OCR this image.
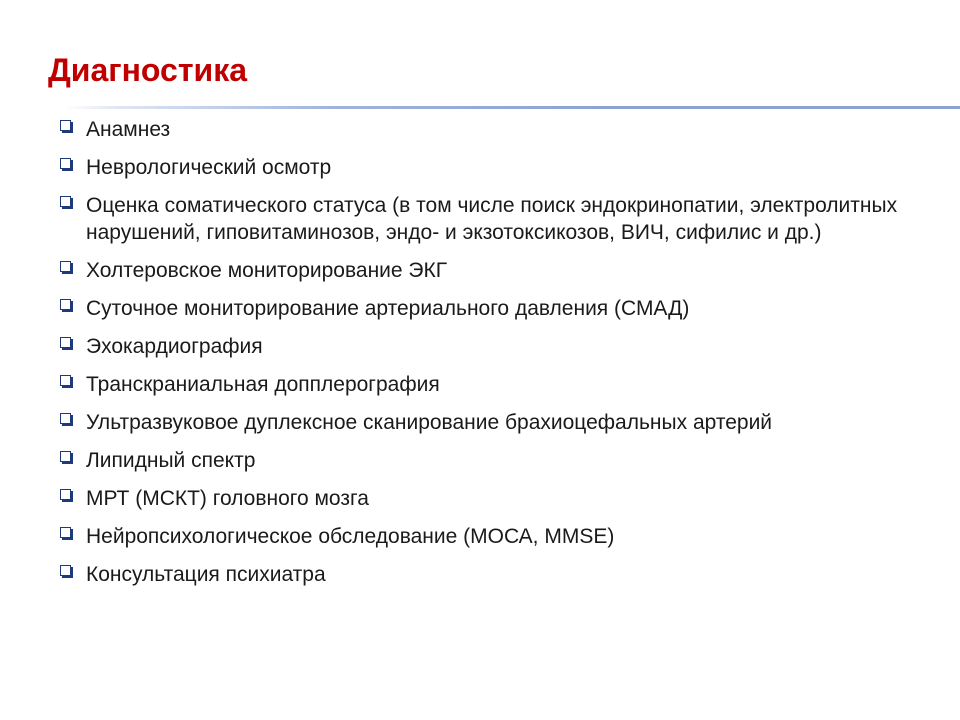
Диагностика
Анамнез
Неврологический осмотр
Оценка соматического статуса (в том числе поиск эндокринопатии, электролитных нарушений, гиповитаминозов, эндо- и экзотоксикозов, ВИЧ, сифилис и др.)
Холтеровское мониторирование ЭКГ
Суточное мониторирование артериального давления (СМАД)
Эхокардиография
Транскраниальная допплерография
Ультразвуковое дуплексное сканирование брахиоцефальных артерий
Липидный спектр
МРТ (МСКТ) головного мозга
Нейропсихологическое обследование (МОСА, MMSE)
Консультация психиатра
